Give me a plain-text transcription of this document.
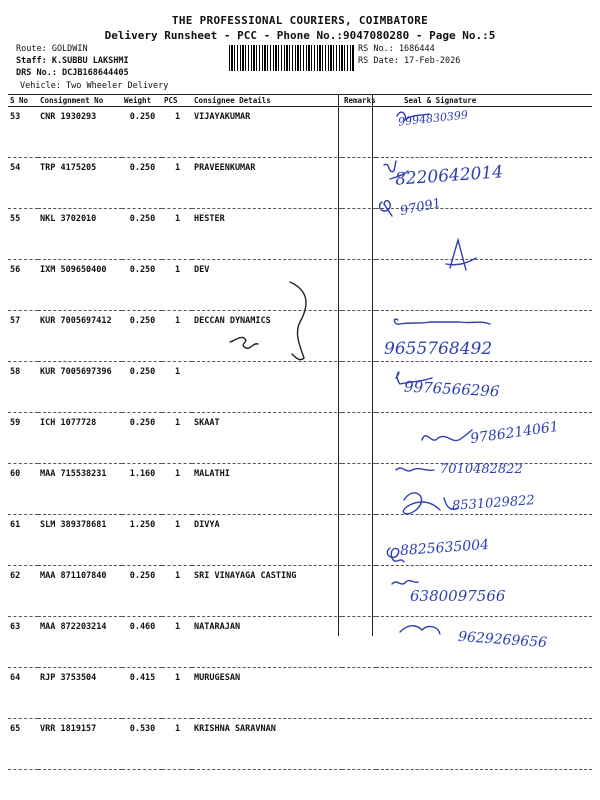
THE PROFESSIONAL COURIERS, COIMBATORE
Delivery Runsheet - PCC - Phone No.:9047080280 - Page No.:5
Route: GOLDWIN
Staff: K.SUBBU LAKSHMI
DRS No.: DCJB168644405
Vehicle: Two Wheeler Delivery
RS No.: 1686444
RS Date: 17-Feb-2026
S No	Consignment No	Weight	PCS	Consignee Details	Remarks	Seal & Signature
53	CNR 1930293	0.250	1	VIJAYAKUMAR		
54	TRP 4175205	0.250	1	PRAVEENKUMAR		
55	NKL 3702010	0.250	1	HESTER		
56	IXM 509650400	0.250	1	DEV		
57	KUR 7005697412	0.250	1	DECCAN DYNAMICS		
58	KUR 7005697396	0.250	1			
59	ICH 1077728	0.250	1	SKAAT		
60	MAA 715538231	1.160	1	MALATHI		
61	SLM 389378681	1.250	1	DIVYA		
62	MAA 871107840	0.250	1	SRI VINAYAGA CASTING		
63	MAA 872203214	0.460	1	NATARAJAN		
64	RJP 3753504	0.415	1	MURUGESAN		
65	VRR 1819157	0.530	1	KRISHNA SARAVNAN		
9994830399
8220642014
97091
9655768492
9976566296
9786214061
7010482822
8531029822
8825635004
6380097566
9629269656
